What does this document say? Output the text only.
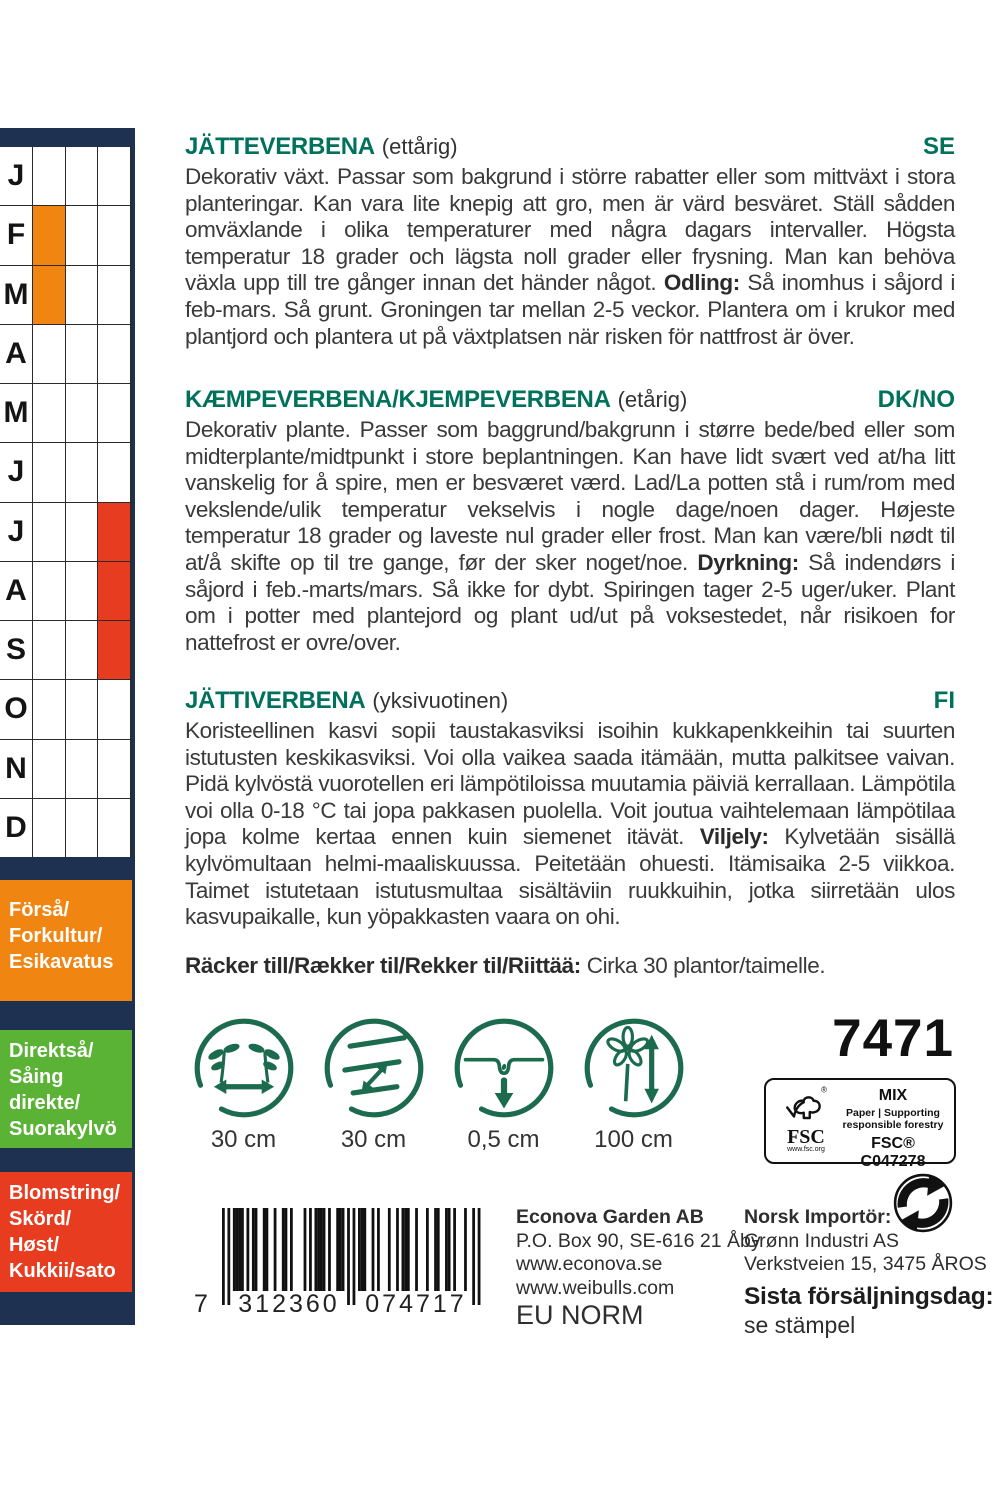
J
F
M
A
M
J
J
A
S
O
N
D
Förså/
Forkultur/
Esikavatus
Direktså/
Såing
direkte/
Suorakylvö
Blomstring/
Skörd/
Høst/
Kukkii/sato
JÄTTEVERBENA (ettårig)	SE

Dekorativ växt. Passar som bakgrund i större rabatter eller som mittväxt i stora planteringar. Kan vara lite knepig att gro, men är värd besväret. Ställ sådden omväxlande i olika temperaturer med några dagars intervaller. Högsta temperatur 18 grader och lägsta noll grader eller frysning. Man kan behöva växla upp till tre gånger innan det händer något. Odling: Så inomhus i såjord i feb-mars. Så grunt. Groningen tar mellan 2-5 veckor. Plantera om i krukor med plantjord och plantera ut på växtplatsen när risken för nattfrost är över.

KÆMPEVERBENA/KJEMPEVERBENA (etårig)	DK/NO

Dekorativ plante. Passer som baggrund/bakgrunn i større bede/bed eller som midterplante/midtpunkt i store beplantningen. Kan have lidt svært ved at/ha litt vanskelig for å spire, men er besværet værd. Lad/La potten stå i rum/rom med vekslende/ulik temperatur vekselvis i nogle dage/noen dager. Højeste temperatur 18 grader og laveste nul grader eller frost. Man kan være/bli nødt til at/å skifte op til tre gange, før der sker noget/noe. Dyrkning: Så indendørs i såjord i feb.-marts/mars. Så ikke for dybt. Spiringen tager 2-5 uger/uker. Plant om i potter med plantejord og plant ud/ut på voksestedet, når risikoen for nattefrost er ovre/over.

JÄTTIVERBENA (yksivuotinen)	FI

Koristeellinen kasvi sopii taustakasviksi isoihin kukkapenkkeihin tai suurten istutusten keskikasviksi. Voi olla vaikea saada itämään, mutta palkitsee vaivan. Pidä kylvöstä vuorotellen eri lämpötiloissa muutamia päiviä kerrallaan. Lämpötila voi olla 0-18 °C tai jopa pakkasen puolella. Voit joutua vaihtelemaan lämpötilaa jopa kolme kertaa ennen kuin siemenet itävät. Viljely: Kylvetään sisällä kylvömultaan helmi-maaliskuussa. Peitetään ohuesti. Itämisaika 2-5 viikkoa. Taimet istutetaan istutusmultaa sisältäviin ruukkuihin, jotka siirretään ulos kasvupaikalle, kun yöpakkasten vaara on ohi.

Räcker till/Rækker til/Rekker til/Riittää: Cirka 30 plantor/taimelle.
30 cm	30 cm	0,5 cm	100 cm
7471
®
FSC
www.fsc.org
MIX
Paper | Supporting responsible forestry
FSC® C047278
7 312360 074717
Econova Garden AB
P.O. Box 90, SE-616 21 Åby
www.econova.se
www.weibulls.com
EU NORM
Norsk Importör:
Grønn Industri AS
Verkstveien 15, 3475 ÅROS
Sista försäljningsdag:
se stämpel
